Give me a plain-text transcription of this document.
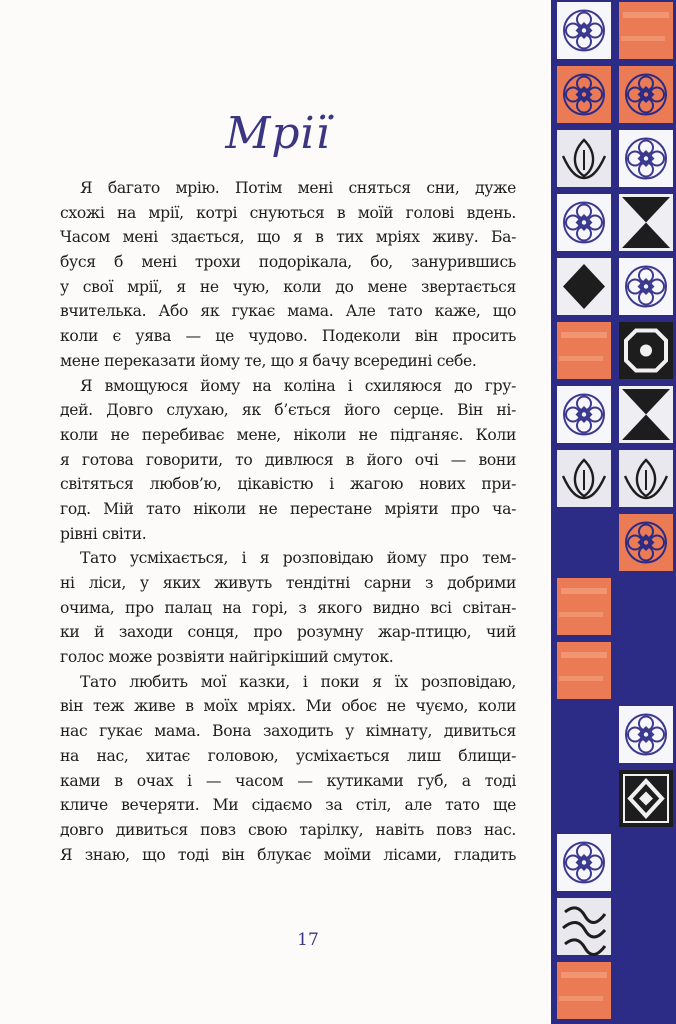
Мрії
Я багато мрію. Потім мені сняться сни, дуже
схожі на мрії, котрі снуються в моїй голові вдень.
Часом мені здається, що я в тих мріях живу. Ба-
буся б мені трохи подорікала, бо, занурившись
у свої мрії, я не чую, коли до мене звертається
вчителька. Або як гукає мама. Але тато каже, що
коли є уява — це чудово. Подеколи він просить
мене переказати йому те, що я бачу всередині себе.
Я вмощуюся йому на коліна і схиляюся до гру-
дей. Довго слухаю, як б’ється його серце. Він ні-
коли не перебиває мене, ніколи не підганяє. Коли
я готова говорити, то дивлюся в його очі — вони
світяться любов’ю, цікавістю і жагою нових при-
год. Мій тато ніколи не перестане мріяти про ча-
рівні світи.
Тато усміхається, і я розповідаю йому про тем-
ні ліси, у яких живуть тендітні сарни з добрими
очима, про палац на горі, з якого видно всі світан-
ки й заходи сонця, про розумну жар-птицю, чий
голос може розвіяти найгіркіший смуток.
Тато любить мої казки, і поки я їх розповідаю,
він теж живе в моїх мріях. Ми обоє не чуємо, коли
нас гукає мама. Вона заходить у кімнату, дивиться
на нас, хитає головою, усміхається лиш блищи-
ками в очах і — часом — кутиками губ, а тоді
кличе вечеряти. Ми сідаємо за стіл, але тато ще
довго дивиться повз свою тарілку, навіть повз нас.
Я знаю, що тоді він блукає моїми лісами, гладить
17
